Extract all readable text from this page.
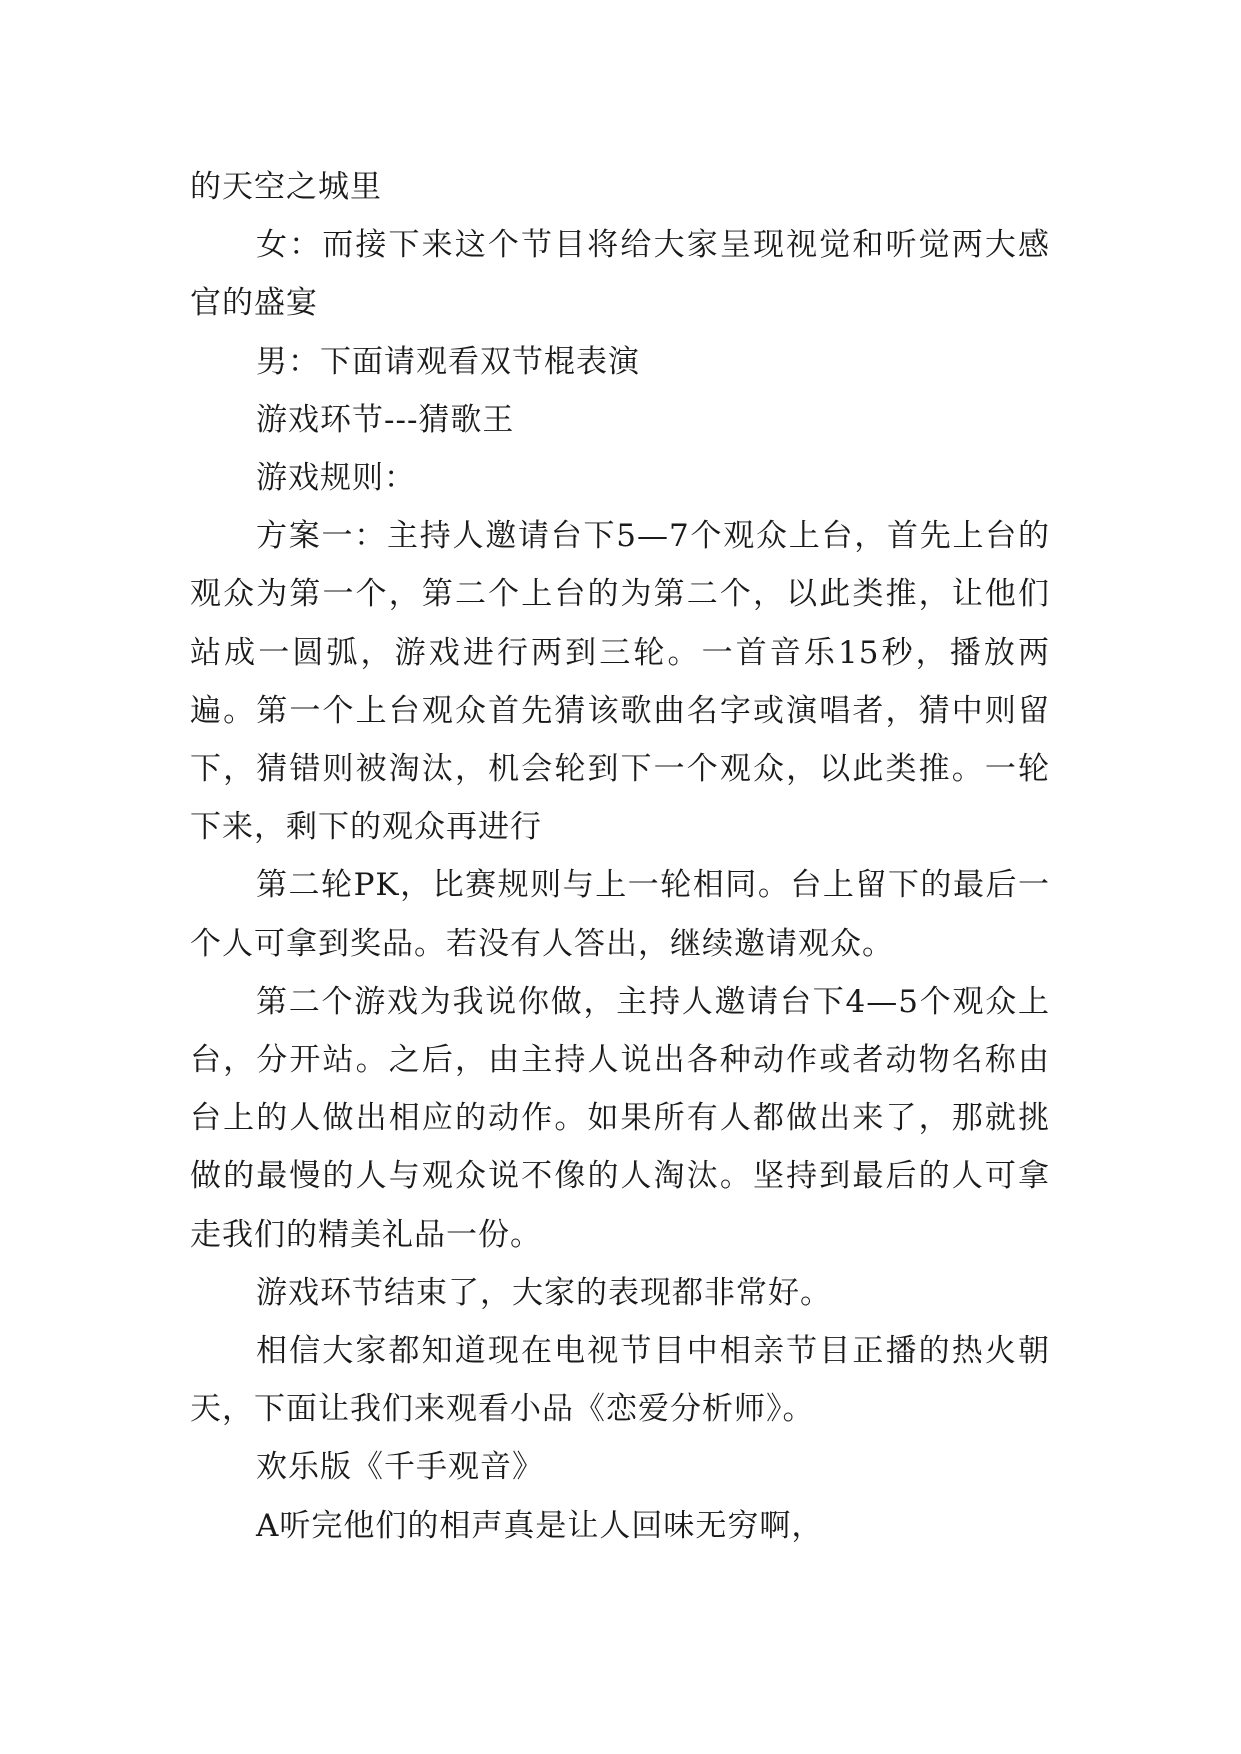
的天空之城里

女：而接下来这个节目将给大家呈现视觉和听觉两大感官的盛宴

男：下面请观看双节棍表演

游戏环节---猜歌王

游戏规则：

方案一：主持人邀请台下5—7个观众上台，首先上台的观众为第一个，第二个上台的为第二个，以此类推，让他们站成一圆弧，游戏进行两到三轮。一首音乐15秒，播放两遍。第一个上台观众首先猜该歌曲名字或演唱者，猜中则留下，猜错则被淘汰，机会轮到下一个观众，以此类推。一轮下来，剩下的观众再进行

第二轮PK，比赛规则与上一轮相同。台上留下的最后一个人可拿到奖品。若没有人答出，继续邀请观众。

第二个游戏为我说你做，主持人邀请台下4—5个观众上台，分开站。之后，由主持人说出各种动作或者动物名称由台上的人做出相应的动作。如果所有人都做出来了，那就挑做的最慢的人与观众说不像的人淘汰。坚持到最后的人可拿走我们的精美礼品一份。

游戏环节结束了，大家的表现都非常好。

相信大家都知道现在电视节目中相亲节目正播的热火朝天，下面让我们来观看小品《恋爱分析师》。

欢乐版《千手观音》

A听完他们的相声真是让人回味无穷啊，
